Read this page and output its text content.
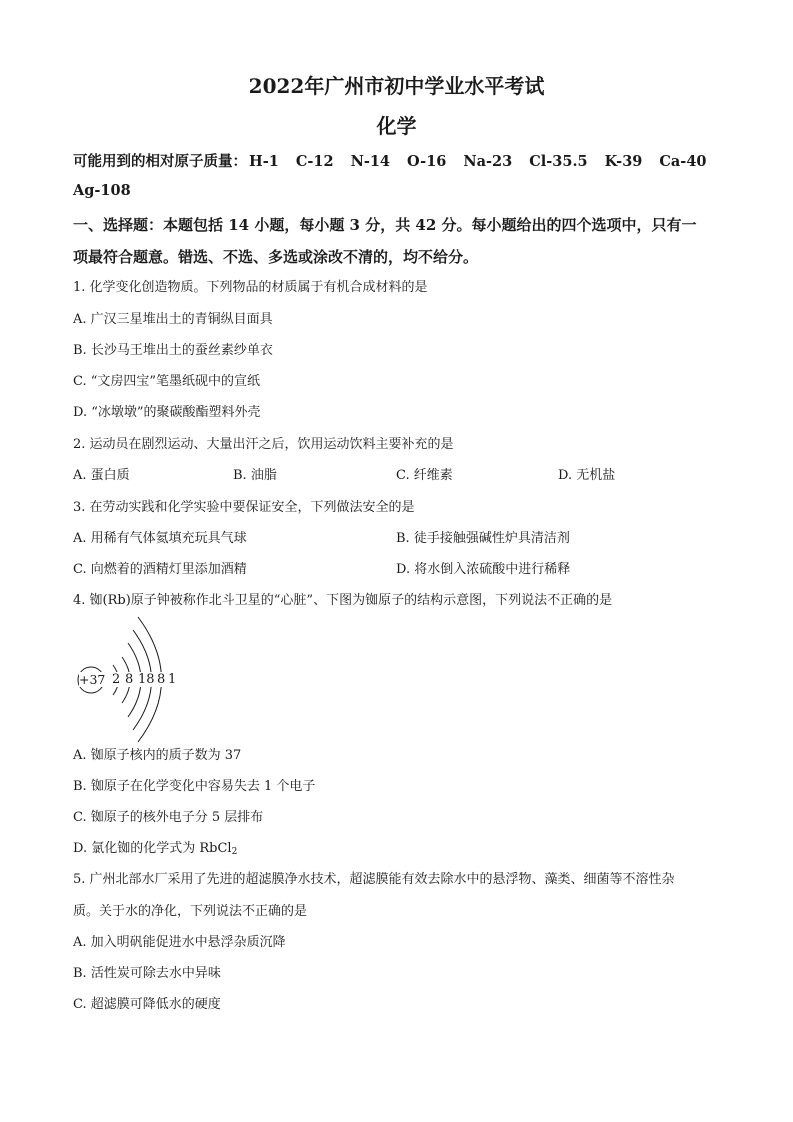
2022年广州市初中学业水平考试
化学
可能用到的相对原子质量： H-1 C-12 N-14 O-16 Na-23 Cl-35.5 K-39 Ca-40
Ag-108
一、选择题：本题包括 14 小题，每小题 3 分，共 42 分。每小题给出的四个选项中，只有一
项最符合题意。错选、不选、多选或涂改不清的，均不给分。
1. 化学变化创造物质。下列物品的材质属于有机合成材料的是
A. 广汉三星堆出土的青铜纵目面具
B. 长沙马王堆出土的蚕丝素纱单衣
C. “文房四宝”笔墨纸砚中的宣纸
D. “冰墩墩”的聚碳酸酯塑料外壳
2. 运动员在剧烈运动、大量出汗之后，饮用运动饮料主要补充的是
A. 蛋白质	B. 油脂	C. 纤维素	D. 无机盐
3. 在劳动实践和化学实验中要保证安全，下列做法安全的是
A. 用稀有气体氦填充玩具气球	B. 徒手接触强碱性炉具清洁剂
C. 向燃着的酒精灯里添加酒精	D. 将水倒入浓硫酸中进行稀释
4. 铷(Rb)原子钟被称作北斗卫星的“心脏”、下图为铷原子的结构示意图，下列说法不正确的是
+37 2 8 18 8 1
A. 铷原子核内的质子数为 37
B. 铷原子在化学变化中容易失去 1 个电子
C. 铷原子的核外电子分 5 层排布
D. 氯化铷的化学式为 RbCl$_2$
5. 广州北部水厂采用了先进的超滤膜净水技术，超滤膜能有效去除水中的悬浮物、藻类、细菌等不溶性杂
质。关于水的净化，下列说法不正确的是
A. 加入明矾能促进水中悬浮杂质沉降
B. 活性炭可除去水中异味
C. 超滤膜可降低水的硬度
